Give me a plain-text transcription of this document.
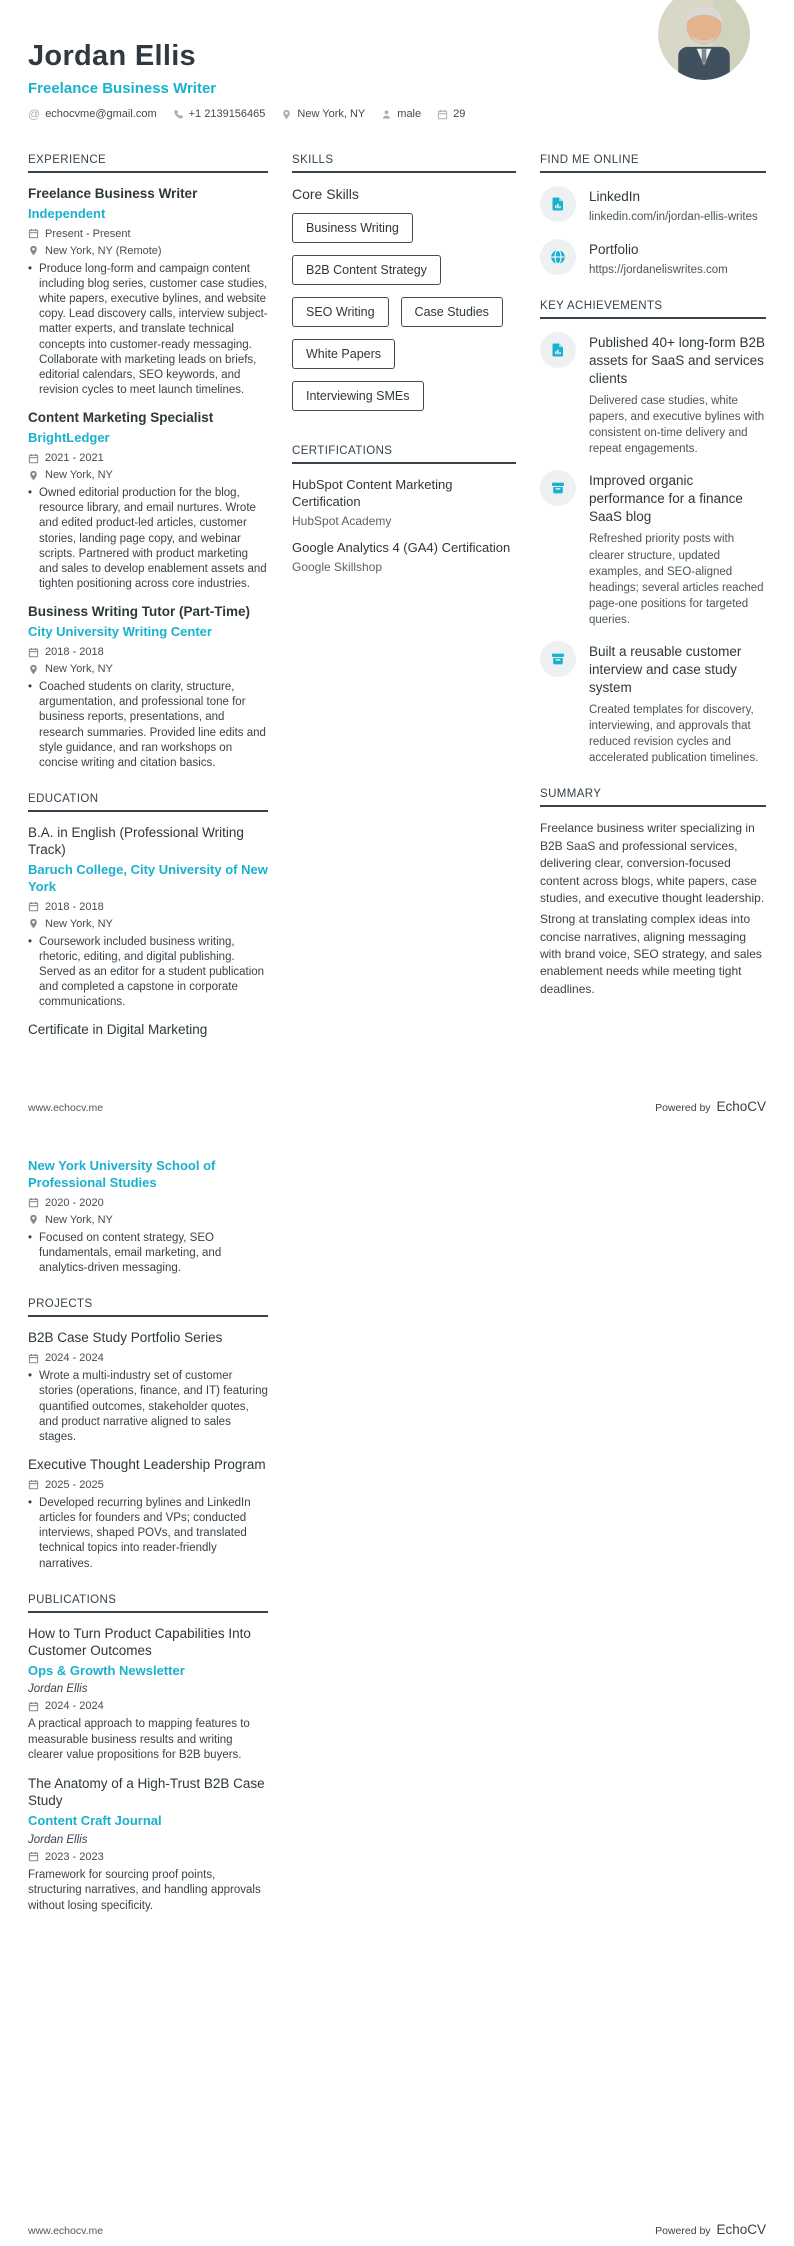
Jordan Ellis
Freelance Business Writer
@ echocvme@gmail.com	+1 2139156465	New York, NY	male	29
EXPERIENCE
Freelance Business Writer
Independent
Present - Present
New York, NY (Remote)
• Produce long-form and campaign content including blog series, customer case studies, white papers, executive bylines, and website copy. Lead discovery calls, interview subject-matter experts, and translate technical concepts into customer-ready messaging. Collaborate with marketing leads on briefs, editorial calendars, SEO keywords, and revision cycles to meet launch timelines.
Content Marketing Specialist
BrightLedger
2021 - 2021
New York, NY
• Owned editorial production for the blog, resource library, and email nurtures. Wrote and edited product-led articles, customer stories, landing page copy, and webinar scripts. Partnered with product marketing and sales to develop enablement assets and tighten positioning across core industries.
Business Writing Tutor (Part-Time)
City University Writing Center
2018 - 2018
New York, NY
• Coached students on clarity, structure, argumentation, and professional tone for business reports, presentations, and research summaries. Provided line edits and style guidance, and ran workshops on concise writing and citation basics.
EDUCATION
B.A. in English (Professional Writing Track)
Baruch College, City University of New York
2018 - 2018
New York, NY
• Coursework included business writing, rhetoric, editing, and digital publishing. Served as an editor for a student publication and completed a capstone in corporate communications.
Certificate in Digital Marketing
SKILLS
Core Skills
Business Writing
B2B Content Strategy
SEO Writing	Case Studies
White Papers
Interviewing SMEs
CERTIFICATIONS
HubSpot Content Marketing Certification
HubSpot Academy
Google Analytics 4 (GA4) Certification
Google Skillshop
FIND ME ONLINE
LinkedIn
linkedin.com/in/jordan-ellis-writes
Portfolio
https://jordaneliswrites.com
KEY ACHIEVEMENTS
Published 40+ long-form B2B assets for SaaS and services clients
Delivered case studies, white papers, and executive bylines with consistent on-time delivery and repeat engagements.
Improved organic performance for a finance SaaS blog
Refreshed priority posts with clearer structure, updated examples, and SEO-aligned headings; several articles reached page-one positions for targeted queries.
Built a reusable customer interview and case study system
Created templates for discovery, interviewing, and approvals that reduced revision cycles and accelerated publication timelines.
SUMMARY

Freelance business writer specializing in B2B SaaS and professional services, delivering clear, conversion-focused content across blogs, white papers, case studies, and executive thought leadership.

Strong at translating complex ideas into concise narratives, aligning messaging with brand voice, SEO strategy, and sales enablement needs while meeting tight deadlines.

www.echocv.me	Powered by EchoCV
New York University School of Professional Studies
2020 - 2020
New York, NY
• Focused on content strategy, SEO fundamentals, email marketing, and analytics-driven messaging.
PROJECTS
B2B Case Study Portfolio Series
2024 - 2024
• Wrote a multi-industry set of customer stories (operations, finance, and IT) featuring quantified outcomes, stakeholder quotes, and product narrative aligned to sales stages.
Executive Thought Leadership Program
2025 - 2025
• Developed recurring bylines and LinkedIn articles for founders and VPs; conducted interviews, shaped POVs, and translated technical topics into reader-friendly narratives.
PUBLICATIONS
How to Turn Product Capabilities Into Customer Outcomes
Ops & Growth Newsletter
Jordan Ellis
2024 - 2024
A practical approach to mapping features to measurable business results and writing clearer value propositions for B2B buyers.
The Anatomy of a High-Trust B2B Case Study
Content Craft Journal
Jordan Ellis
2023 - 2023
Framework for sourcing proof points, structuring narratives, and handling approvals without losing specificity.
www.echocv.me	Powered by EchoCV
